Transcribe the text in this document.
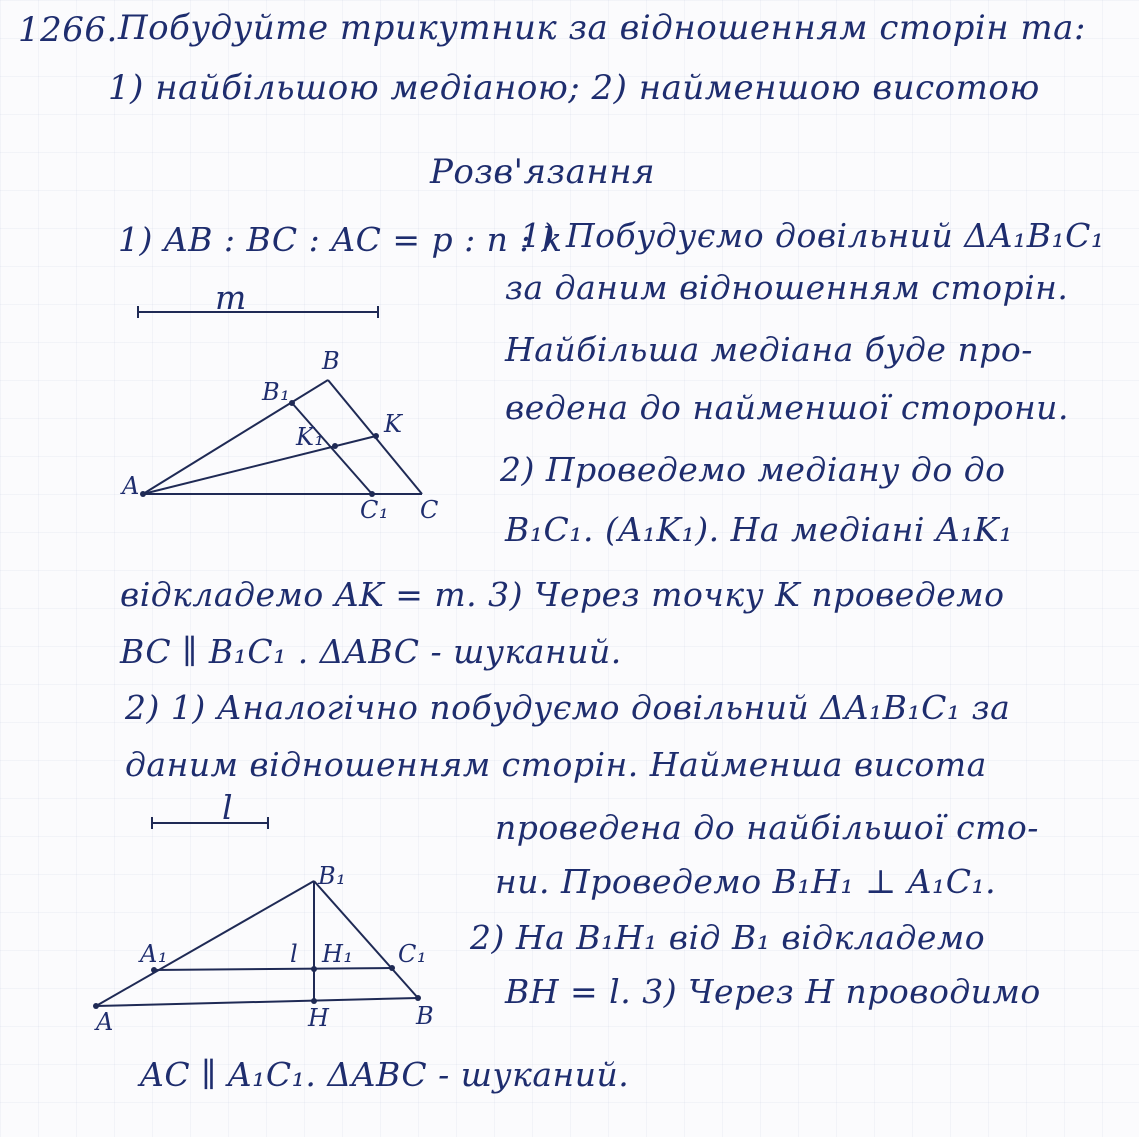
1266. Побудуйте трикутник за відношенням сторін та:
1) найбільшою медіаною; 2) найменшою висотою
Розв'язання
1) AB : BC : AC = p : n : k
1) Побудуємо довільний ΔA₁B₁C₁
за даним відношенням сторін.
Найбільша медіана буде про-
ведена до найменшої сторони.
2) Проведемо медіану до до
B₁C₁. (A₁K₁). На медіані A₁K₁
відкладемо AK = m. 3) Через точку K проведемо
BC ∥ B₁C₁ . ΔABC - шуканий.
2) 1) Аналогічно побудуємо довільний ΔA₁B₁C₁ за
даним відношенням сторін. Найменша висота
проведена до найбільшої сто-
ни. Проведемо B₁H₁ ⊥ A₁C₁.
2) На B₁H₁ від B₁ відкладемо
BH = l. 3) Через H проводимо
AC ∥ A₁C₁. ΔABC - шуканий.
m
B
B₁
K
K₁
A
C₁ C
l
B₁
A₁	l H₁ C₁
A	H	B
